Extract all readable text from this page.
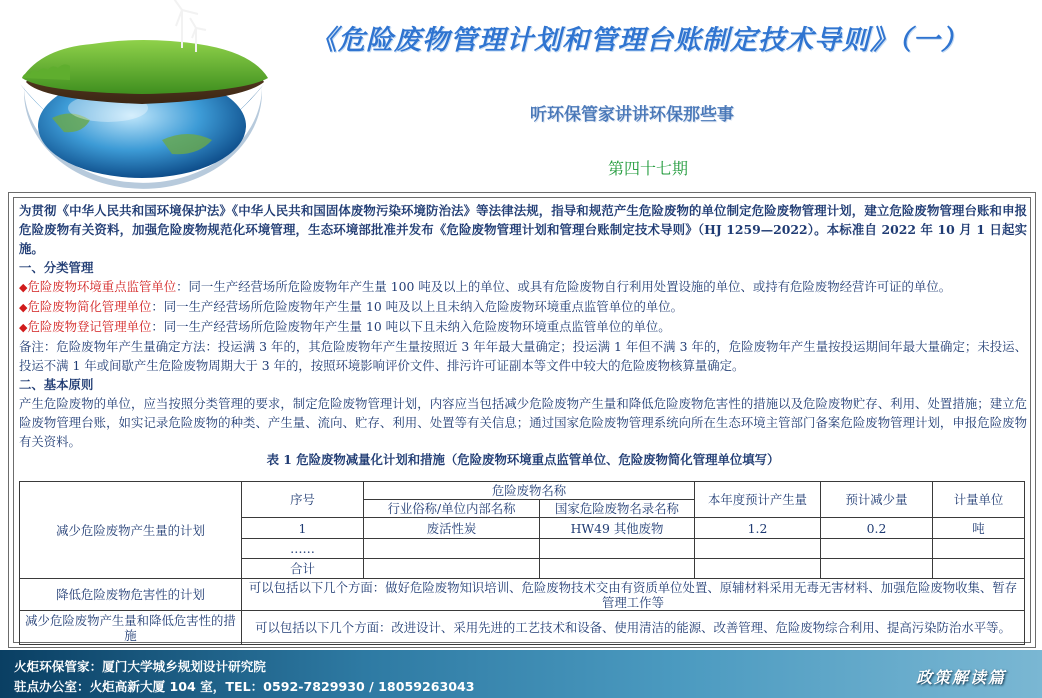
《危险废物管理计划和管理台账制定技术导则》（一）
听环保管家讲讲环保那些事
第四十七期

为贯彻《中华人民共和国环境保护法》《中华人民共和国固体废物污染环境防治法》等法律法规，指导和规范产生危险废物的单位制定危险废物管理计划，建立危险废物管理台账和申报危险废物有关资料，加强危险废物规范化环境管理，生态环境部批准并发布《危险废物管理计划和管理台账制定技术导则》（HJ 1259—2022）。本标准自 2022 年 10 月 1 日起实施。

一、分类管理

◆危险废物环境重点监管单位：同一生产经营场所危险废物年产生量 100 吨及以上的单位、或具有危险废物自行利用处置设施的单位、或持有危险废物经营许可证的单位。

◆危险废物简化管理单位：同一生产经营场所危险废物年产生量 10 吨及以上且未纳入危险废物环境重点监管单位的单位。

◆危险废物登记管理单位：同一生产经营场所危险废物年产生量 10 吨以下且未纳入危险废物环境重点监管单位的单位。

备注：危险废物年产生量确定方法：投运满 3 年的，其危险废物年产生量按照近 3 年年最大量确定；投运满 1 年但不满 3 年的，危险废物年产生量按投运期间年最大量确定；未投运、投运不满 1 年或间歇产生危险废物周期大于 3 年的，按照环境影响评价文件、排污许可证副本等文件中较大的危险废物核算量确定。

二、基本原则

产生危险废物的单位，应当按照分类管理的要求，制定危险废物管理计划，内容应当包括减少危险废物产生量和降低危险废物危害性的措施以及危险废物贮存、利用、处置措施；建立危险废物管理台账，如实记录危险废物的种类、产生量、流向、贮存、利用、处置等有关信息；通过国家危险废物管理系统向所在生态环境主管部门备案危险废物管理计划，申报危险废物有关资料。

表 1 危险废物减量化计划和措施（危险废物环境重点监管单位、危险废物简化管理单位填写）
减少危险废物产生量的计划	序号	危险废物名称		本年度预计产生量	预计减少量	计量单位
		行业俗称/单位内部名称	国家危险废物名录名称			
	1	废活性炭	HW49 其他废物	1.2	0.2	吨
	……					
	合计					
降低危险废物危害性的计划	可以包括以下几个方面：做好危险废物知识培训、危险废物技术交由有资质单位处置、原辅材料采用无毒无害材料、加强危险废物收集、暂存管理工作等					
减少危险废物产生量和降低危害性的措施	可以包括以下几个方面：改进设计、采用先进的工艺技术和设备、使用清洁的能源、改善管理、危险废物综合利用、提高污染防治水平等。					
火炬环保管家：厦门大学城乡规划设计研究院
驻点办公室：火炬高新大厦 104 室，TEL：0592-7829930 / 18059263043	政策解读篇
